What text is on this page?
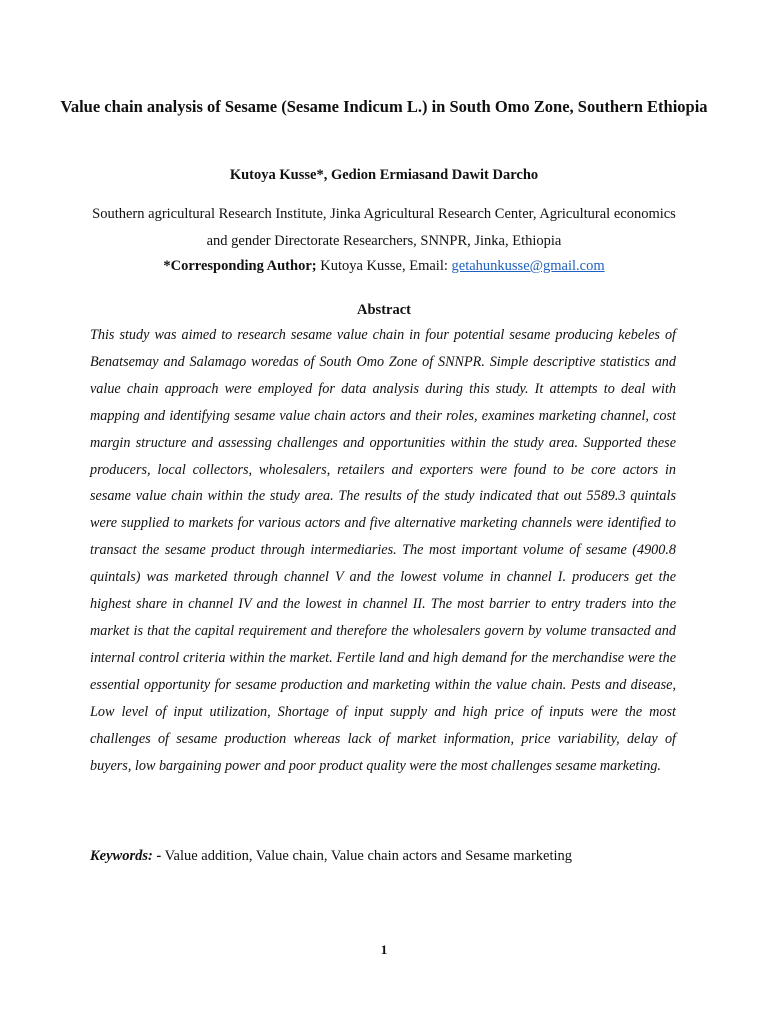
Value chain analysis of Sesame (Sesame Indicum L.) in South Omo Zone, Southern Ethiopia
Kutoya Kusse*, Gedion Ermiasand Dawit Darcho
Southern agricultural Research Institute, Jinka Agricultural Research Center, Agricultural economics and gender Directorate Researchers, SNNPR, Jinka, Ethiopia
*Corresponding Author; Kutoya Kusse, Email: getahunkusse@gmail.com
Abstract

This study was aimed to research sesame value chain in four potential sesame producing kebeles of Benatsemay and Salamago woredas of South Omo Zone of SNNPR. Simple descriptive statistics and value chain approach were employed for data analysis during this study. It attempts to deal with mapping and identifying sesame value chain actors and their roles, examines marketing channel, cost margin structure and assessing challenges and opportunities within the study area. Supported these producers, local collectors, wholesalers, retailers and exporters were found to be core actors in sesame value chain within the study area. The results of the study indicated that out 5589.3 quintals were supplied to markets for various actors and five alternative marketing channels were identified to transact the sesame product through intermediaries. The most important volume of sesame (4900.8 quintals) was marketed through channel V and the lowest volume in channel I. producers get the highest share in channel IV and the lowest in channel II. The most barrier to entry traders into the market is that the capital requirement and therefore the wholesalers govern by volume transacted and internal control criteria within the market. Fertile land and high demand for the merchandise were the essential opportunity for sesame production and marketing within the value chain. Pests and disease, Low level of input utilization, Shortage of input supply and high price of inputs were the most challenges of sesame production whereas lack of market information, price variability, delay of buyers, low bargaining power and poor product quality were the most challenges sesame marketing.

Keywords: - Value addition, Value chain, Value chain actors and Sesame marketing
1
